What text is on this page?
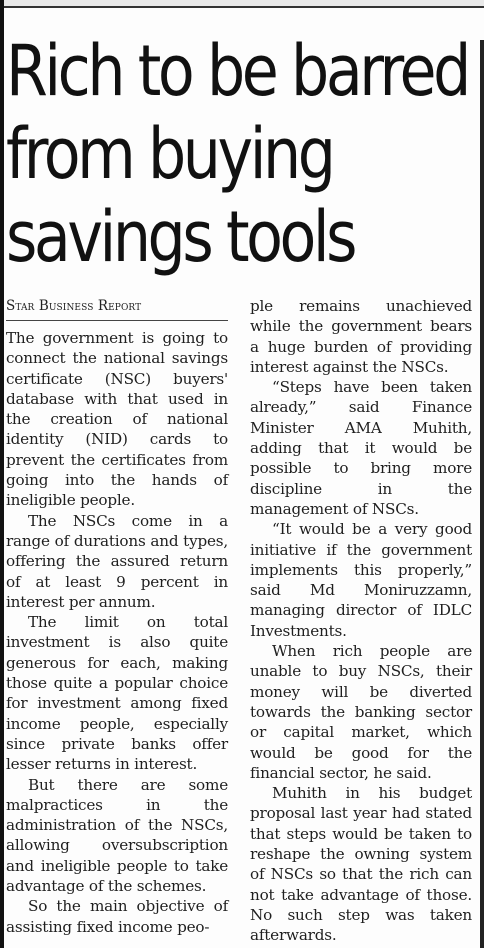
Rich to be barred
from buying
savings tools
Star Business Report

The government is going to connect the national savings certificate (NSC) buyers' database with that used in the creation of national identity (NID) cards to prevent the certificates from going into the hands of ineligible people.

The NSCs come in a range of durations and types, offering the assured return of at least 9 percent in interest per annum.

The limit on total investment is also quite generous for each, making those quite a popular choice for investment among fixed income people, especially since private banks offer lesser returns in interest.

But there are some malpractices in the administration of the NSCs, allowing oversubscription and ineligible people to take advantage of the schemes.

So the main objective of assisting fixed income peo-

ple remains unachieved while the government bears a huge burden of providing interest against the NSCs.

“Steps have been taken already,” said Finance Minister AMA Muhith, adding that it would be possible to bring more discipline in the management of NSCs.

“It would be a very good initiative if the government implements this properly,” said Md Moniruzzamn, managing director of IDLC Investments.

When rich people are unable to buy NSCs, their money will be diverted towards the banking sector or capital market, which would be good for the financial sector, he said.

Muhith in his budget proposal last year had stated that steps would be taken to reshape the owning system of NSCs so that the rich can not take advantage of those. No such step was taken afterwards.
